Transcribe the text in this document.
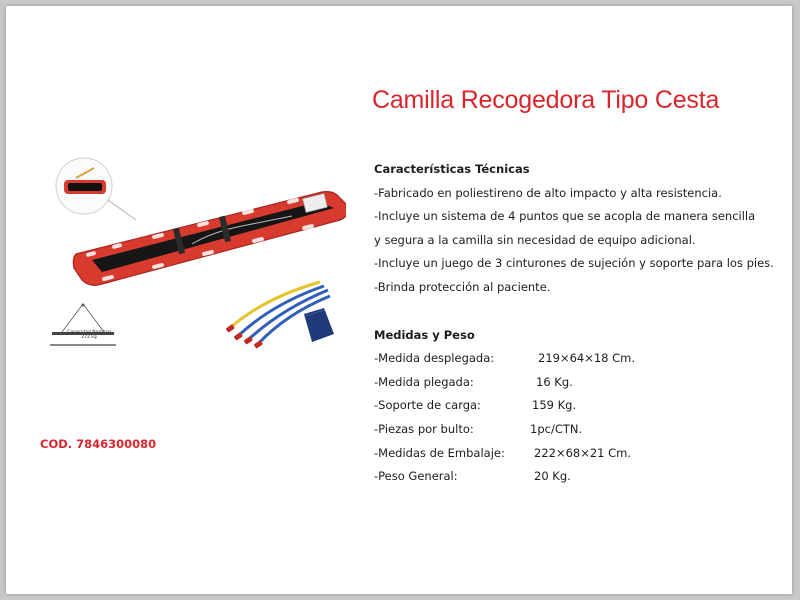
Camilla Recogedora Tipo Cesta
Capacidad Nominal
272 kg
Características Técnicas
-Fabricado en poliestireno de alto impacto y alta resistencia.
-Incluye un sistema de 4 puntos que se acopla de manera sencilla
y segura a la camilla sin necesidad de equipo adicional.
-Incluye un juego de 3 cinturones de sujeción y soporte para los pies.
-Brinda protección al paciente.
Medidas y Peso
-Medida desplegada:	219×64×18 Cm.
-Medida plegada:	16 Kg.
-Soporte de carga:	159 Kg.
-Piezas por bulto:	1pc/CTN.
-Medidas de Embalaje:	222×68×21 Cm.
-Peso General:	20 Kg.
COD. 7846300080
